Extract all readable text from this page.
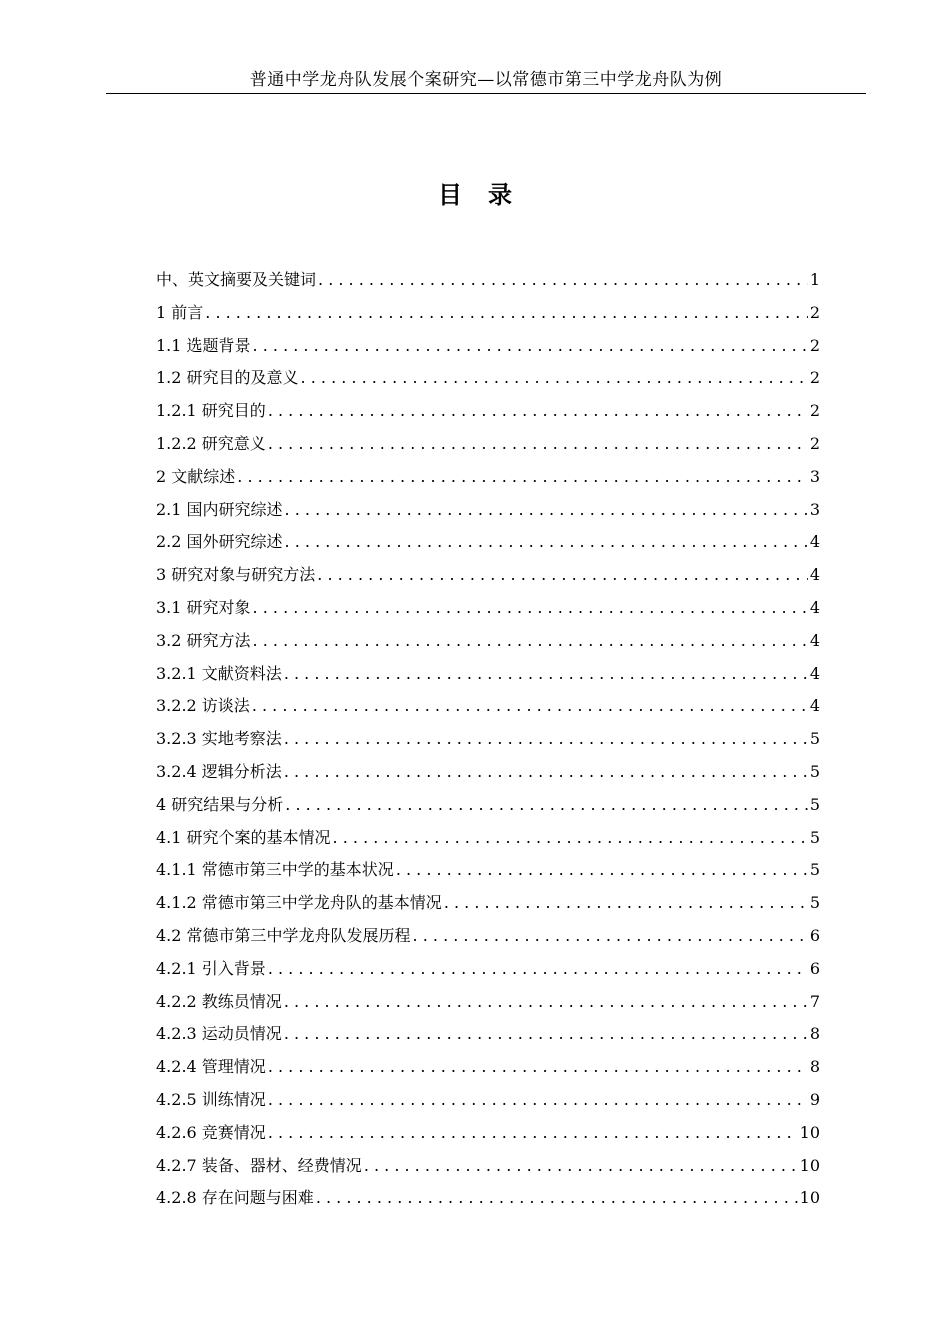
普通中学龙舟队发展个案研究—以常德市第三中学龙舟队为例
目录
中、英文摘要及关键词 . . .	1
1 前言 . . .	2
1.1 选题背景 . . .	2
1.2 研究目的及意义 . . .	2
1.2.1 研究目的 . . .	2
1.2.2 研究意义 . . .	2
2 文献综述 . . .	3
2.1 国内研究综述 . . .	3
2.2 国外研究综述 . . .	4
3 研究对象与研究方法 . . .	4
3.1 研究对象 . . .	4
3.2 研究方法 . . .	4
3.2.1 文献资料法 . . .	4
3.2.2 访谈法 . . .	4
3.2.3 实地考察法 . . .	5
3.2.4 逻辑分析法 . . .	5
4 研究结果与分析 . . .	5
4.1 研究个案的基本情况 . . .	5
4.1.1 常德市第三中学的基本状况 . . .	5
4.1.2 常德市第三中学龙舟队的基本情况 . . .	5
4.2 常德市第三中学龙舟队发展历程 . . .	6
4.2.1 引入背景 . . .	6
4.2.2 教练员情况 . . .	7
4.2.3 运动员情况 . . .	8
4.2.4 管理情况 . . .	8
4.2.5 训练情况 . . .	9
4.2.6 竞赛情况 . . .	10
4.2.7 装备、器材、经费情况 . . .	10
4.2.8 存在问题与困难 . . .	10
